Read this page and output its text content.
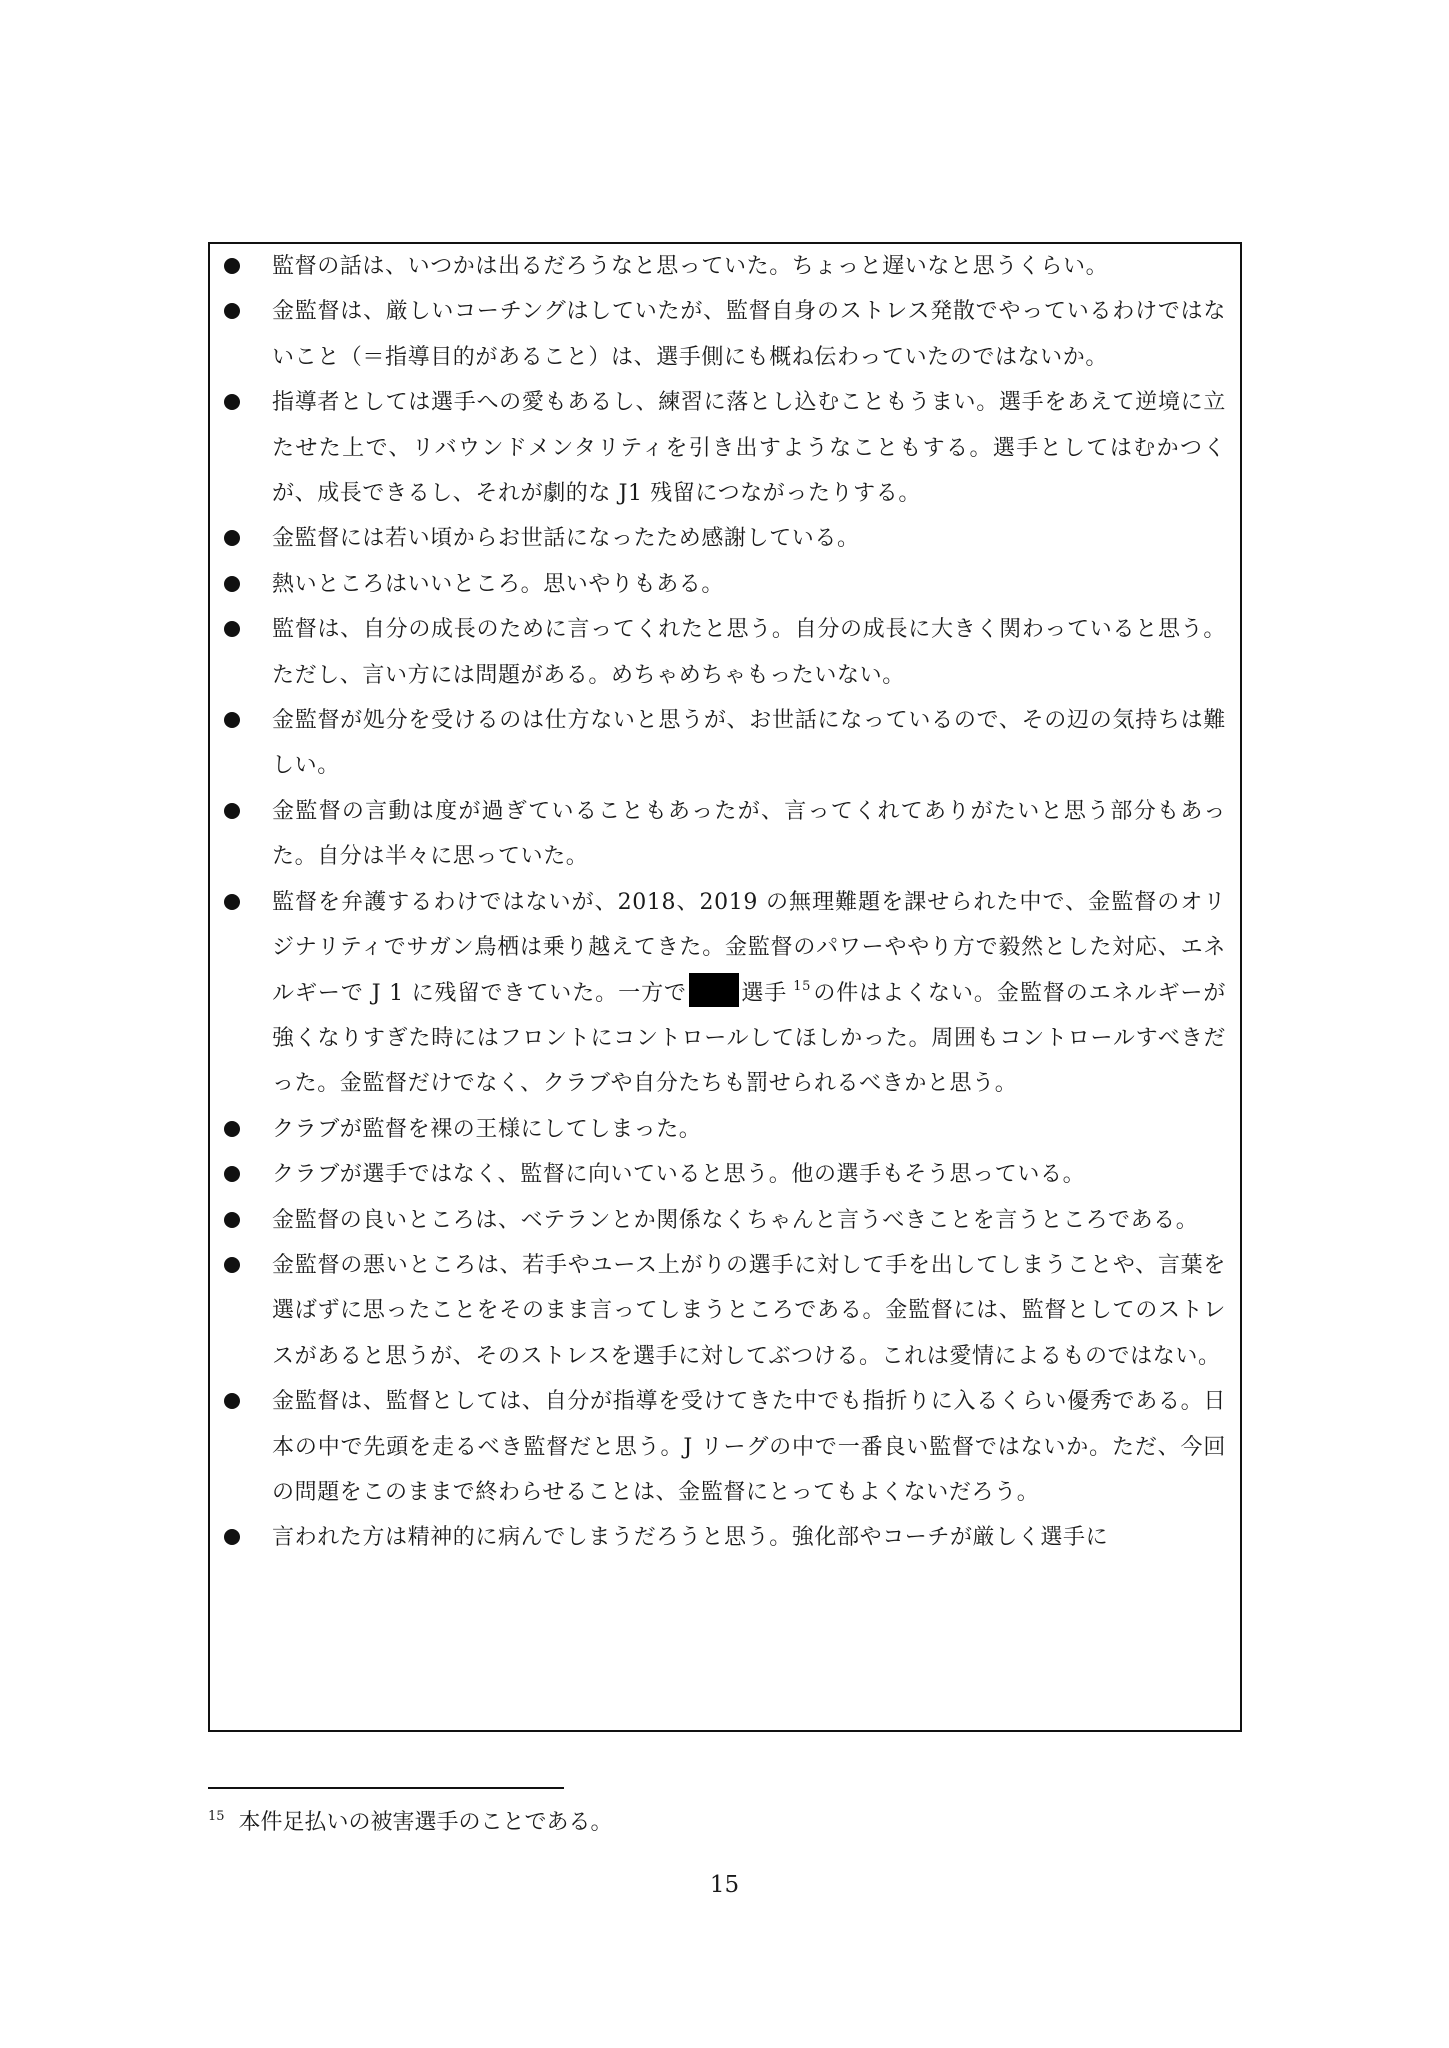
監督の話は、いつかは出るだろうなと思っていた。ちょっと遅いなと思うくらい。
金監督は、厳しいコーチングはしていたが、監督自身のストレス発散でやっているわけではないこと（＝指導目的があること）は、選手側にも概ね伝わっていたのではないか。
指導者としては選手への愛もあるし、練習に落とし込むこともうまい。選手をあえて逆境に立たせた上で、リバウンドメンタリティを引き出すようなこともする。選手としてはむかつくが、成長できるし、それが劇的な J1 残留につながったりする。
金監督には若い頃からお世話になったため感謝している。
熱いところはいいところ。思いやりもある。
監督は、自分の成長のために言ってくれたと思う。自分の成長に大きく関わっていると思う。ただし、言い方には問題がある。めちゃめちゃもったいない。
金監督が処分を受けるのは仕方ないと思うが、お世話になっているので、その辺の気持ちは難しい。
金監督の言動は度が過ぎていることもあったが、言ってくれてありがたいと思う部分もあった。自分は半々に思っていた。
監督を弁護するわけではないが、2018、2019 の無理難題を課せられた中で、金監督のオリジナリティでサガン鳥栖は乗り越えてきた。金監督のパワーややり方で毅然とした対応、エネルギーで J 1 に残留できていた。一方で 選手 $^{15}$の件はよくない。金監督のエネルギーが強くなりすぎた時にはフロントにコントロールしてほしかった。周囲もコントロールすべきだった。金監督だけでなく、クラブや自分たちも罰せられるべきかと思う。
クラブが監督を裸の王様にしてしまった。
クラブが選手ではなく、監督に向いていると思う。他の選手もそう思っている。
金監督の良いところは、ベテランとか関係なくちゃんと言うべきことを言うところである。
金監督の悪いところは、若手やユース上がりの選手に対して手を出してしまうことや、言葉を選ばずに思ったことをそのまま言ってしまうところである。金監督には、監督としてのストレスがあると思うが、そのストレスを選手に対してぶつける。これは愛情によるものではない。
金監督は、監督としては、自分が指導を受けてきた中でも指折りに入るくらい優秀である。日本の中で先頭を走るべき監督だと思う。J リーグの中で一番良い監督ではないか。ただ、今回の問題をこのままで終わらせることは、金監督にとってもよくないだろう。
言われた方は精神的に病んでしまうだろうと思う。強化部やコーチが厳しく選手に
$^{15}$ 本件足払いの被害選手のことである。
15
